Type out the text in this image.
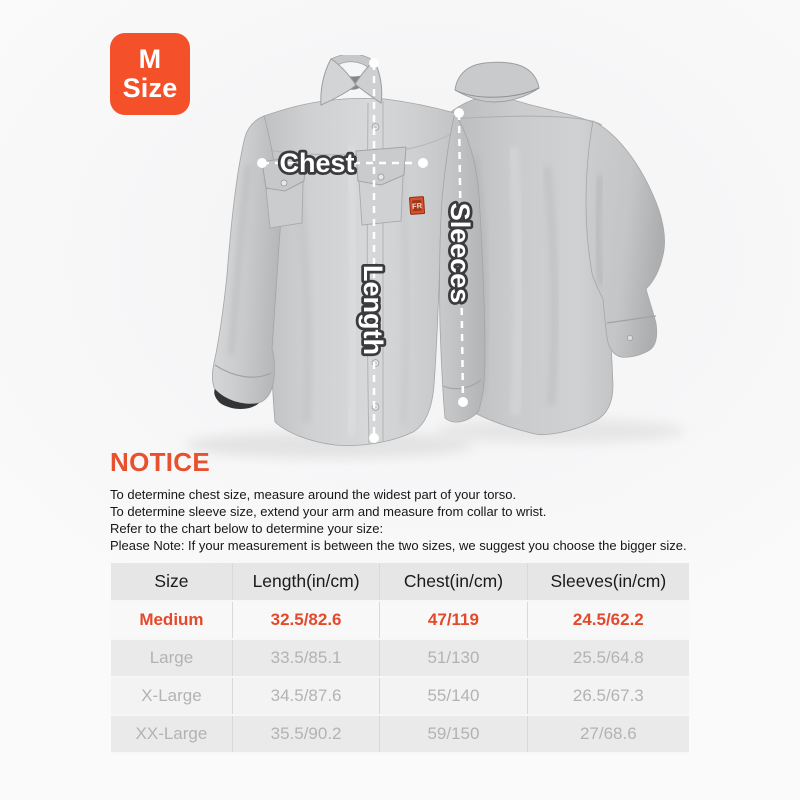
M
Size
FR
Chest
Length
Sleeces
NOTICE

To determine chest size, measure around the widest part of your torso.

To determine sleeve size, extend your arm and measure from collar to wrist.

Refer to the chart below to determine your size:

Please Note: If your measurement is between the two sizes, we suggest you choose the bigger size.

Size	Length(in/cm)	Chest(in/cm)	Sleeves(in/cm)
Medium	32.5/82.6	47/119	24.5/62.2
Large	33.5/85.1	51/130	25.5/64.8
X-Large	34.5/87.6	55/140	26.5/67.3
XX-Large	35.5/90.2	59/150	27/68.6
